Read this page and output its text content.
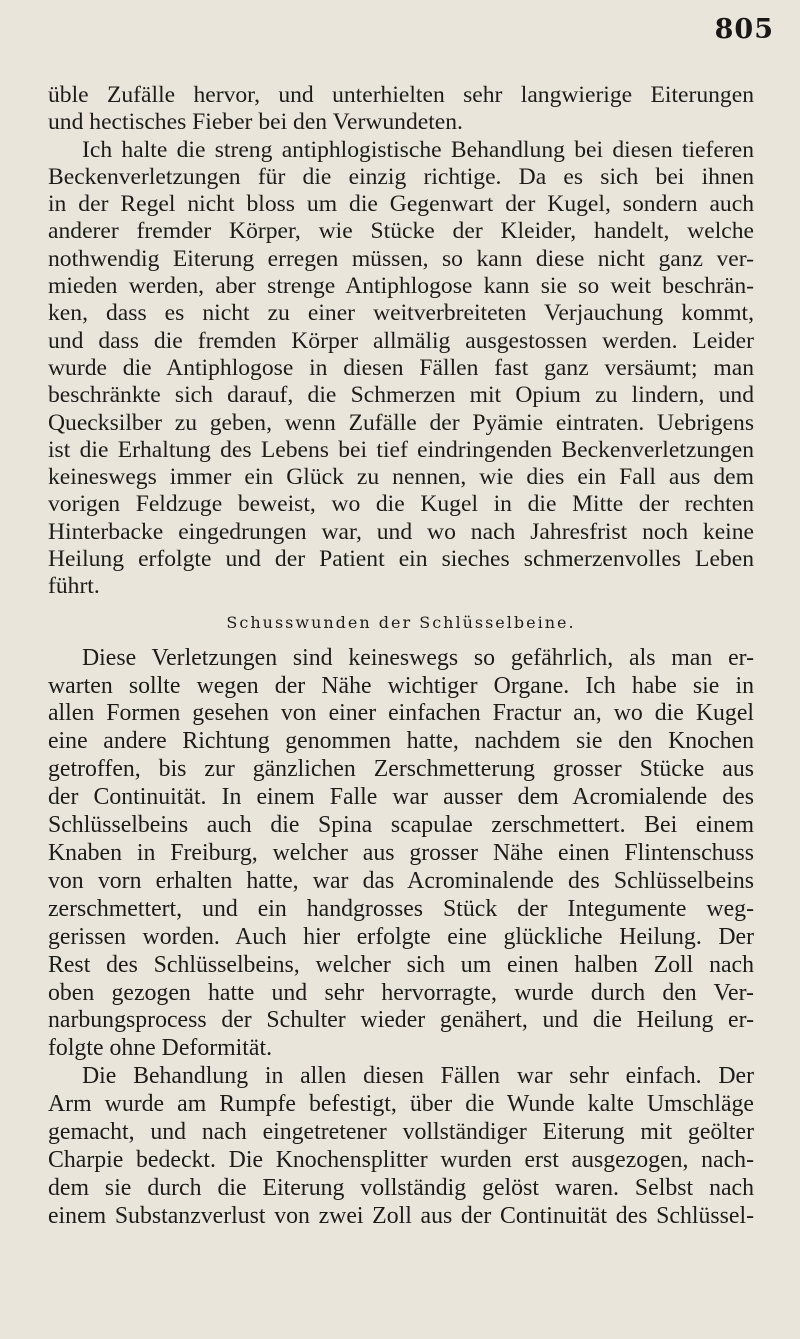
805
üble Zufälle hervor, und unterhielten sehr langwierige Eiterungen
und hectisches Fieber bei den Verwundeten.
Ich halte die streng antiphlogistische Behandlung bei diesen tieferen
Beckenverletzungen für die einzig richtige. Da es sich bei ihnen
in der Regel nicht bloss um die Gegenwart der Kugel, sondern auch
anderer fremder Körper, wie Stücke der Kleider, handelt, welche
nothwendig Eiterung erregen müssen, so kann diese nicht ganz ver-
mieden werden, aber strenge Antiphlogose kann sie so weit beschrän-
ken, dass es nicht zu einer weitverbreiteten Verjauchung kommt,
und dass die fremden Körper allmälig ausgestossen werden. Leider
wurde die Antiphlogose in diesen Fällen fast ganz versäumt; man
beschränkte sich darauf, die Schmerzen mit Opium zu lindern, und
Quecksilber zu geben, wenn Zufälle der Pyämie eintraten. Uebrigens
ist die Erhaltung des Lebens bei tief eindringenden Beckenverletzungen
keineswegs immer ein Glück zu nennen, wie dies ein Fall aus dem
vorigen Feldzuge beweist, wo die Kugel in die Mitte der rechten
Hinterbacke eingedrungen war, und wo nach Jahresfrist noch keine
Heilung erfolgte und der Patient ein sieches schmerzenvolles Leben
führt.
Schusswunden der Schlüsselbeine.
Diese Verletzungen sind keineswegs so gefährlich, als man er-
warten sollte wegen der Nähe wichtiger Organe. Ich habe sie in
allen Formen gesehen von einer einfachen Fractur an, wo die Kugel
eine andere Richtung genommen hatte, nachdem sie den Knochen
getroffen, bis zur gänzlichen Zerschmetterung grosser Stücke aus
der Continuität. In einem Falle war ausser dem Acromialende des
Schlüsselbeins auch die Spina scapulae zerschmettert. Bei einem
Knaben in Freiburg, welcher aus grosser Nähe einen Flintenschuss
von vorn erhalten hatte, war das Acrominalende des Schlüsselbeins
zerschmettert, und ein handgrosses Stück der Integumente weg-
gerissen worden. Auch hier erfolgte eine glückliche Heilung. Der
Rest des Schlüsselbeins, welcher sich um einen halben Zoll nach
oben gezogen hatte und sehr hervorragte, wurde durch den Ver-
narbungsprocess der Schulter wieder genähert, und die Heilung er-
folgte ohne Deformität.
Die Behandlung in allen diesen Fällen war sehr einfach. Der
Arm wurde am Rumpfe befestigt, über die Wunde kalte Umschläge
gemacht, und nach eingetretener vollständiger Eiterung mit geölter
Charpie bedeckt. Die Knochensplitter wurden erst ausgezogen, nach-
dem sie durch die Eiterung vollständig gelöst waren. Selbst nach
einem Substanzverlust von zwei Zoll aus der Continuität des Schlüssel-
